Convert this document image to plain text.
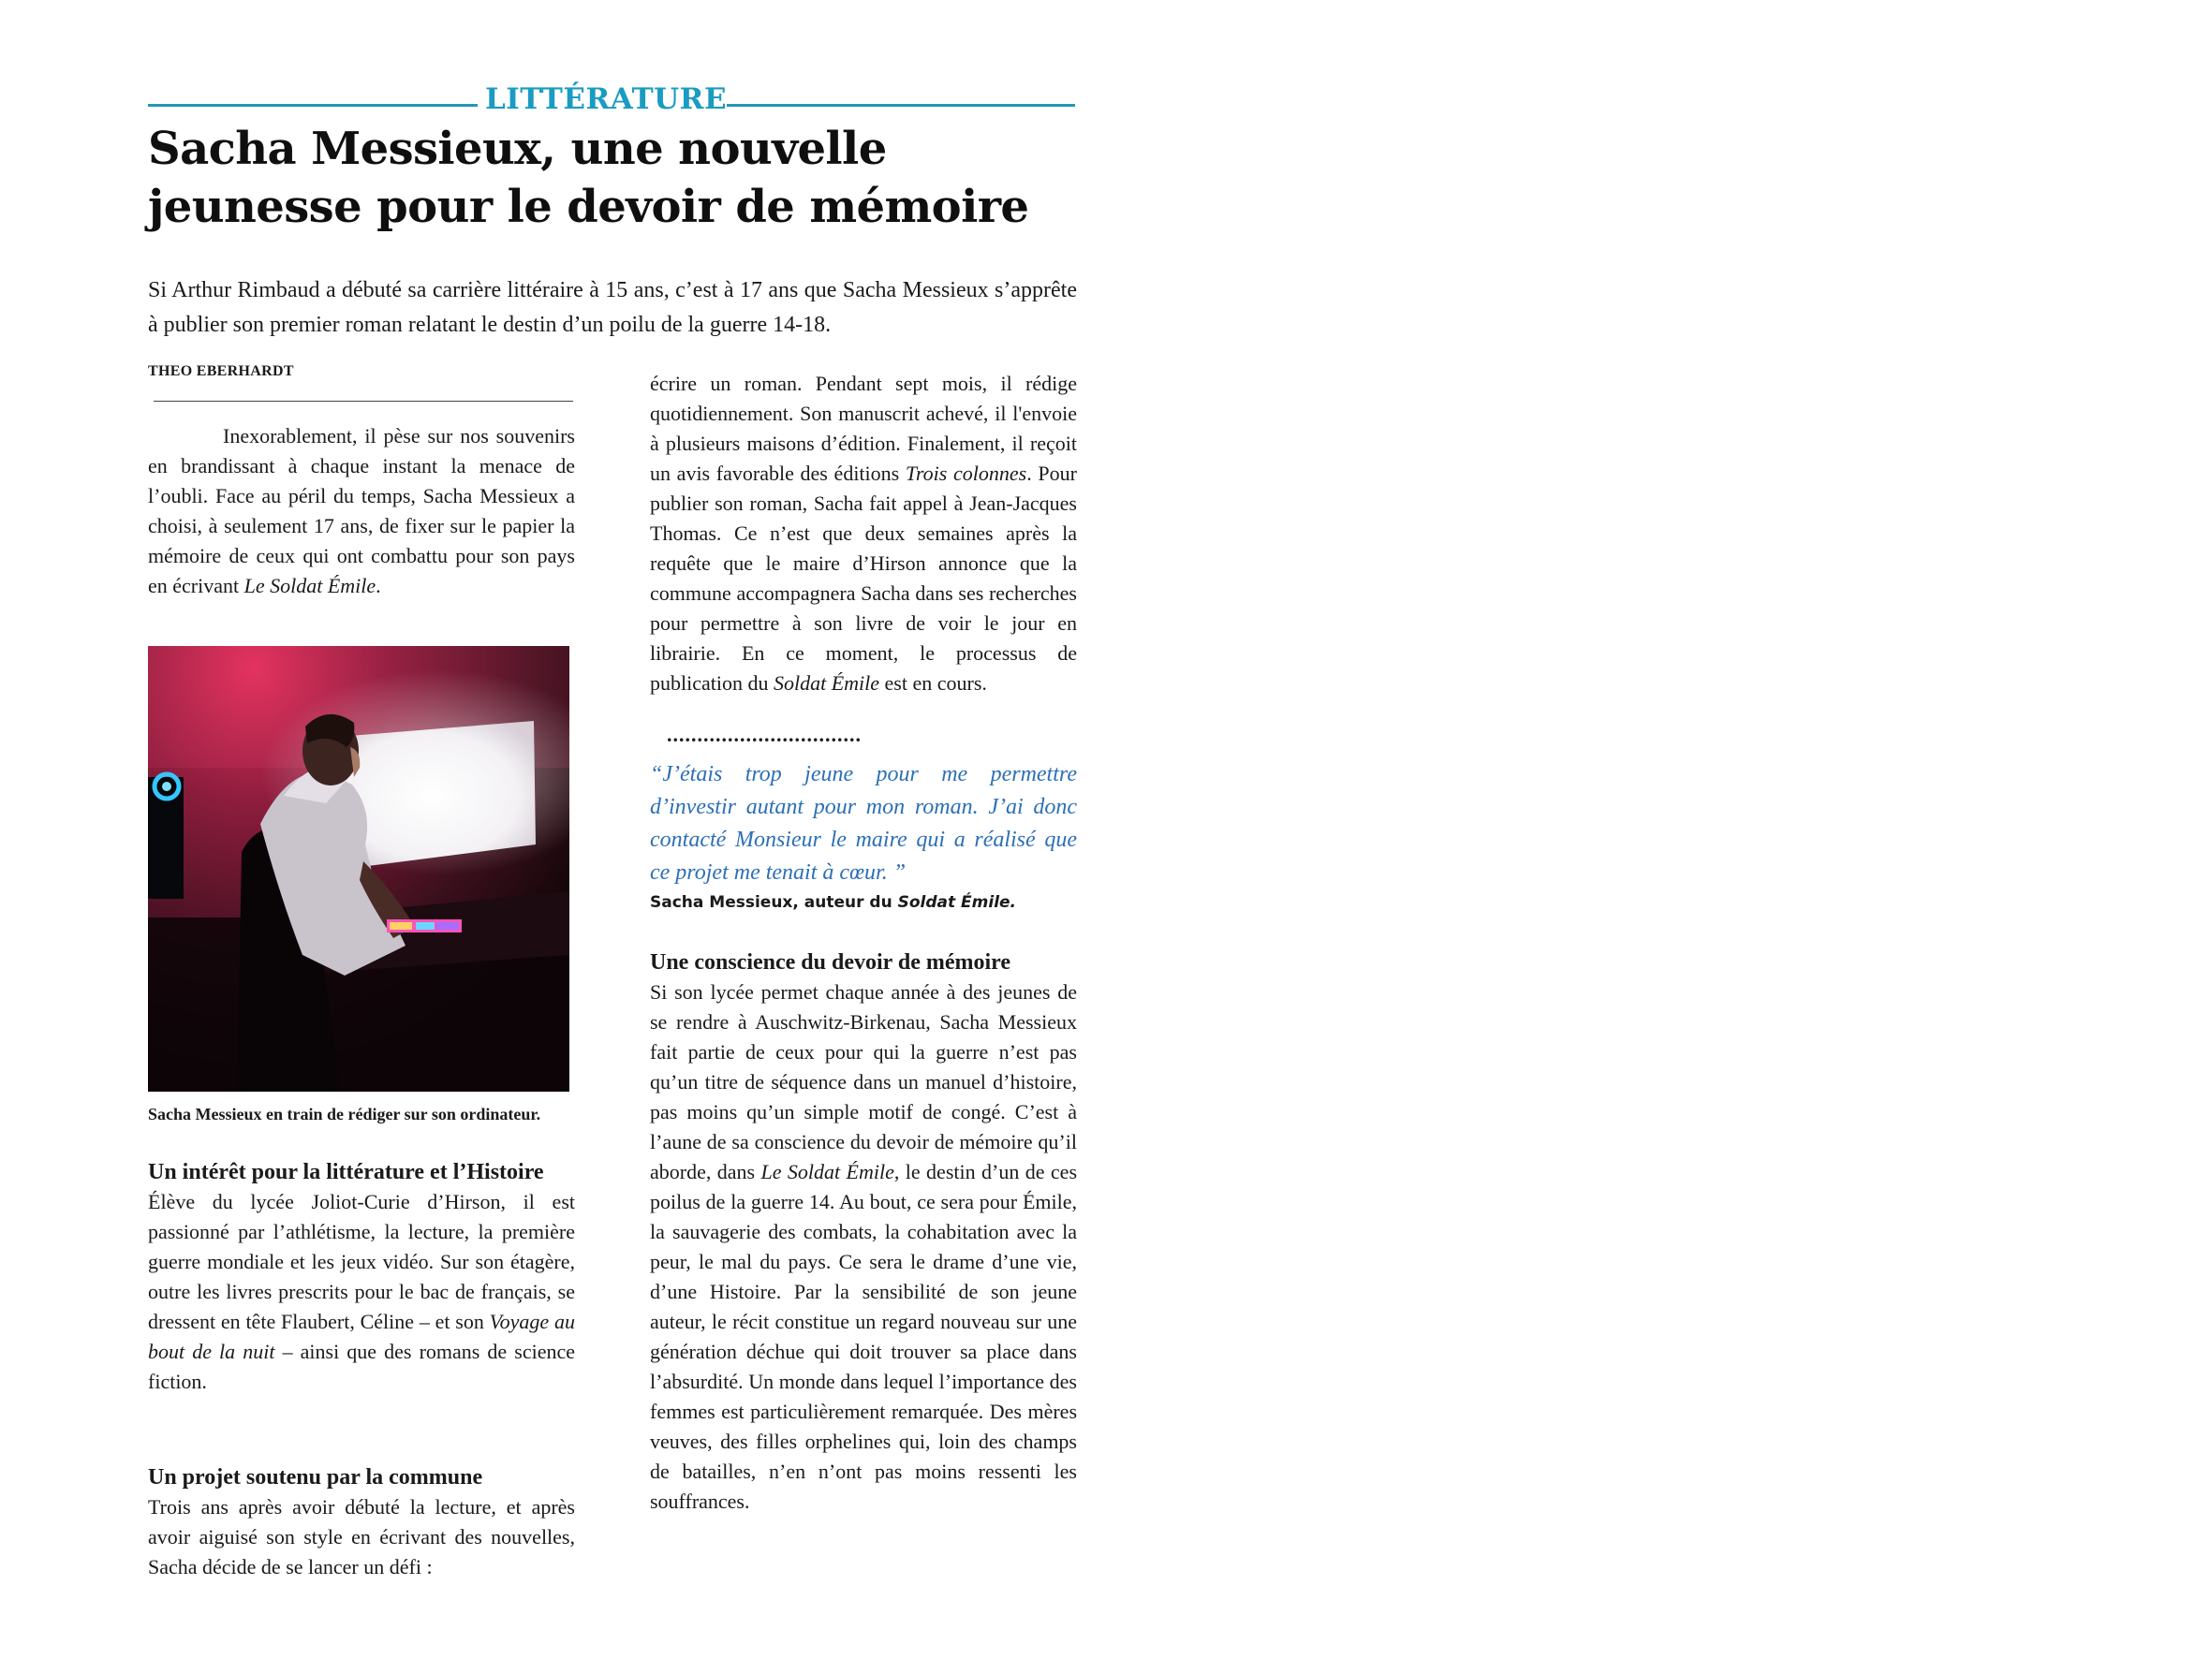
LITTÉRATURE
Sacha Messieux, une nouvelle jeunesse pour le devoir de mémoire

Si Arthur Rimbaud a débuté sa carrière littéraire à 15 ans, c’est à 17 ans que Sacha Messieux s’apprête à publier son premier roman relatant le destin d’un poilu de la guerre 14-18.

THEO EBERHARDT

Inexorablement, il pèse sur nos souvenirs en brandissant à chaque instant la menace de l’oubli. Face au péril du temps, Sacha Messieux a choisi, à seulement 17 ans, de fixer sur le papier la mémoire de ceux qui ont combattu pour son pays en écrivant Le Soldat Émile.

Sacha Messieux en train de rédiger sur son ordinateur.

Un intérêt pour la littérature et l’Histoire

Élève du lycée Joliot-Curie d’Hirson, il est passionné par l’athlétisme, la lecture, la première guerre mondiale et les jeux vidéo. Sur son étagère, outre les livres prescrits pour le bac de français, se dressent en tête Flaubert, Céline – et son Voyage au bout de la nuit – ainsi que des romans de science fiction.

Un projet soutenu par la commune

Trois ans après avoir débuté la lecture, et après avoir aiguisé son style en écrivant des nouvelles, Sacha décide de se lancer un défi :

écrire un roman. Pendant sept mois, il rédige quotidiennement. Son manuscrit achevé, il l'envoie à plusieurs maisons d’édition. Finalement, il reçoit un avis favorable des éditions Trois colonnes. Pour publier son roman, Sacha fait appel à Jean-Jacques Thomas. Ce n’est que deux semaines après la requête que le maire d’Hirson annonce que la commune accompagnera Sacha dans ses recherches pour permettre à son livre de voir le jour en librairie. En ce moment, le processus de publication du Soldat Émile est en cours.

................................

“J’étais trop jeune pour me permettre d’investir autant pour mon roman. J’ai donc contacté Monsieur le maire qui a réalisé que ce projet me tenait à cœur. ”

Sacha Messieux, auteur du Soldat Émile.

Une conscience du devoir de mémoire

Si son lycée permet chaque année à des jeunes de se rendre à Auschwitz-Birkenau, Sacha Messieux fait partie de ceux pour qui la guerre n’est pas qu’un titre de séquence dans un manuel d’histoire, pas moins qu’un simple motif de congé. C’est à l’aune de sa conscience du devoir de mémoire qu’il aborde, dans Le Soldat Émile, le destin d’un de ces poilus de la guerre 14. Au bout, ce sera pour Émile, la sauvagerie des combats, la cohabitation avec la peur, le mal du pays. Ce sera le drame d’une vie, d’une Histoire. Par la sensibilité de son jeune auteur, le récit constitue un regard nouveau sur une génération déchue qui doit trouver sa place dans l’absurdité. Un monde dans lequel l’importance des femmes est particulièrement remarquée. Des mères veuves, des filles orphelines qui, loin des champs de batailles, n’en n’ont pas moins ressenti les souffrances.
